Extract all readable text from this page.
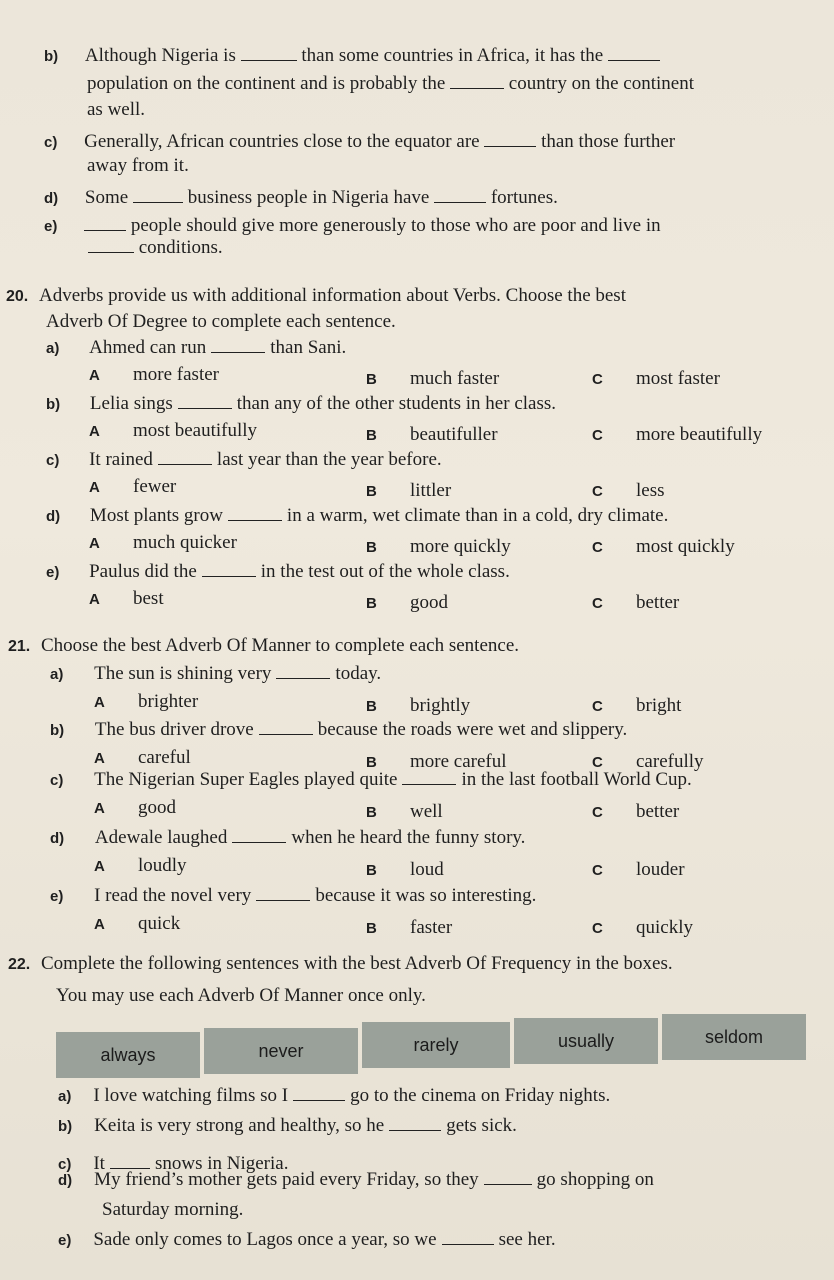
b) Although Nigeria is	than some countries in Africa, it has the
population on the continent and is probably the	country on the continent
as well.
c) Generally, African countries close to the equator are	than those further
away from it.
d) Some	business people in Nigeria have	fortunes.
e)	people should give more generously to those who are poor and live in
conditions.
20. Adverbs provide us with additional information about Verbs. Choose the best
Adverb Of Degree to complete each sentence.
a) Ahmed can run	than Sani.
A more faster	B much faster	C most faster
b) Lelia sings	than any of the other students in her class.
A most beautifully	B beautifuller	C more beautifully
c) It rained	last year than the year before.
A fewer	B littler	C less
d) Most plants grow	in a warm, wet climate than in a cold, dry climate.
A much quicker	B more quickly	C most quickly
e) Paulus did the	in the test out of the whole class.
A best	B good	C better
21. Choose the best Adverb Of Manner to complete each sentence.
a) The sun is shining very	today.
A brighter	B brightly	C bright
b) The bus driver drove	because the roads were wet and slippery.
A careful	B more careful	C carefully
c) The Nigerian Super Eagles played quite	in the last football World Cup.
A good	B well	C better
d) Adewale laughed	when he heard the funny story.
A loudly	B loud	C louder
e) I read the novel very	because it was so interesting.
A quick	B faster	C quickly
22. Complete the following sentences with the best Adverb Of Frequency in the boxes.
You may use each Adverb Of Manner once only.
always	never	rarely	usually	seldom
a) I love watching films so I	go to the cinema on Friday nights.
b) Keita is very strong and healthy, so he	gets sick.
c) It	snows in Nigeria.
d) My friend’s mother gets paid every Friday, so they	go shopping on
Saturday morning.
e) Sade only comes to Lagos once a year, so we	see her.
